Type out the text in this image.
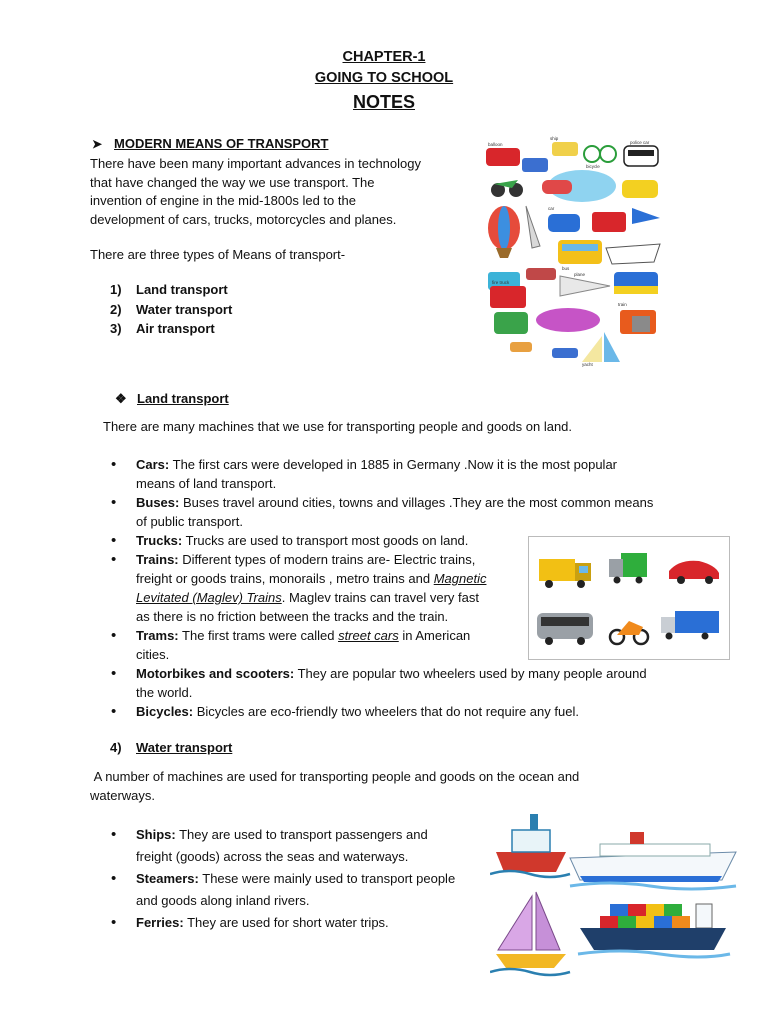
CHAPTER-1
GOING TO SCHOOL
NOTES
➤ MODERN MEANS OF TRANSPORT

There have been many important advances in technology

that have changed the way we use transport. The

invention of engine in the mid-1800s led to the

development of cars, trucks, motorcycles and planes.

There are three types of Means of transport-
1) Land transport
2) Water transport
3) Air transport
balloon
ship
bicycle
police car
car
bus
plane
fire truck
train
yacht
❖ Land transport
There are many machines that we use for transporting people and goods on land.
• Cars: The first cars were developed in 1885 in Germany .Now it is the most popular
means of land transport.
• Buses: Buses travel around cities, towns and villages .They are the most common means
of public transport.
• Trucks: Trucks are used to transport most goods on land.
• Trains: Different types of modern trains are- Electric trains,
freight or goods trains, monorails , metro trains and Magnetic
Levitated (Maglev) Trains. Maglev trains can travel very fast
as there is no friction between the tracks and the train.
• Trams: The first trams were called street cars in American
cities.
• Motorbikes and scooters: They are popular two wheelers used by many people around
the world.
• Bicycles: Bicycles are eco-friendly two wheelers that do not require any fuel.
4) Water transport

A number of machines are used for transporting people and goods on the ocean and

waterways.

• Ships: They are used to transport passengers and
freight (goods) across the seas and waterways.
• Steamers: These were mainly used to transport people
and goods along inland rivers.
• Ferries: They are used for short water trips.
